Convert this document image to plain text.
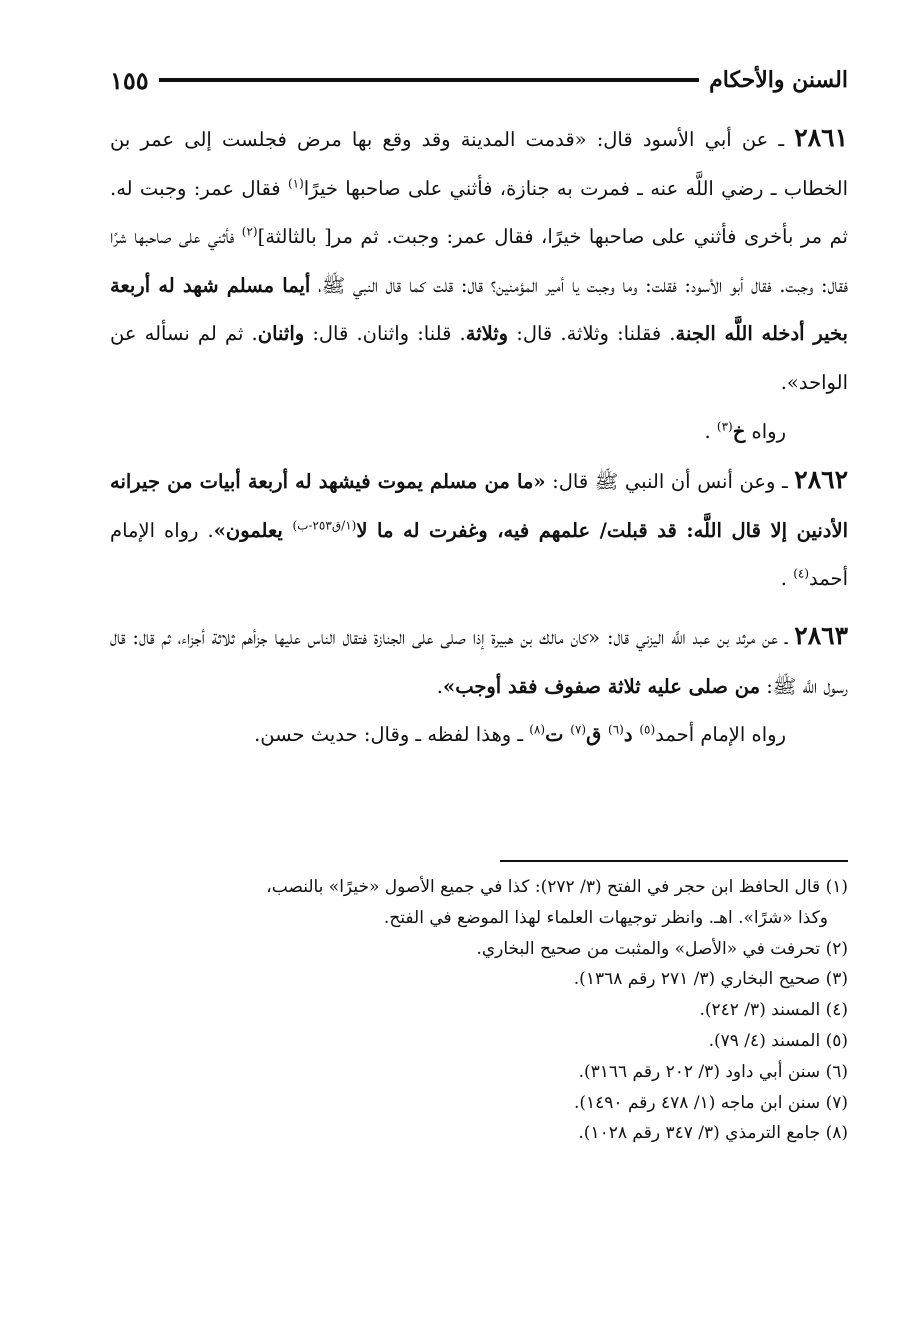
السنن والأحكام
١٥٥

٢٨٦١ ـ عن أبي الأسود قال: «قدمت المدينة وقد وقع بها مرض فجلست إلى عمر بن الخطاب ـ رضي اللَّه عنه ـ فمرت به جنازة، فأثني على صاحبها خيرًا$^{(١)}$ فقال عمر: وجبت له. ثم مر بأخرى فأثني على صاحبها خيرًا، فقال عمر: وجبت. ثم مر[ بالثالثة]$^{(٢)}$ فأثني على صاحبها شرًا فقال: وجبت. فقال أبو الأسود: فقلت: وما وجبت يا أمير المؤمنين؟ قال: قلت كما قال النبي ﷺ، أيما مسلم شهد له أربعة بخير أدخله اللَّه الجنة. فقلنا: وثلاثة. قال: وثلاثة. قلنا: واثنان. قال: واثنان. ثم لم نسأله عن الواحد».

رواه خ$^{(٣)}$ .

٢٨٦٢ ـ وعن أنس أن النبي ﷺ قال: «ما من مسلم يموت فيشهد له أربعة أبيات من جيرانه الأدنين إلا قال اللَّه: قد قبلت/ علمهم فيه، وغفرت له ما لا$^{(١/ق٢٥٣-ب)}$ يعلمون». رواه الإمام أحمد$^{(٤)}$ .

٢٨٦٣ ـ عن مرثد بن عبد اللَّه اليزني قال: «كان مالك بن هبيرة إذا صلى على الجنازة فتقال الناس عليها جزأهم ثلاثة أجزاء، ثم قال: قال رسول اللَّه ﷺ: من صلى عليه ثلاثة صفوف فقد أوجب».

رواه الإمام أحمد$^{(٥)}$ د$^{(٦)}$ ق$^{(٧)}$ ت$^{(٨)}$ ـ وهذا لفظه ـ وقال: حديث حسن.

(١) قال الحافظ ابن حجر في الفتح (٣/ ٢٧٢): كذا في جميع الأصول «خيرًا» بالنصب،

وكذا «شرًا». اهـ. وانظر توجيهات العلماء لهذا الموضع في الفتح.

(٢) تحرفت في «الأصل» والمثبت من صحيح البخاري.

(٣) صحيح البخاري (٣/ ٢٧١ رقم ١٣٦٨).

(٤) المسند (٣/ ٢٤٢).

(٥) المسند (٤/ ٧٩).

(٦) سنن أبي داود (٣/ ٢٠٢ رقم ٣١٦٦).

(٧) سنن ابن ماجه (١/ ٤٧٨ رقم ١٤٩٠).

(٨) جامع الترمذي (٣/ ٣٤٧ رقم ١٠٢٨).
